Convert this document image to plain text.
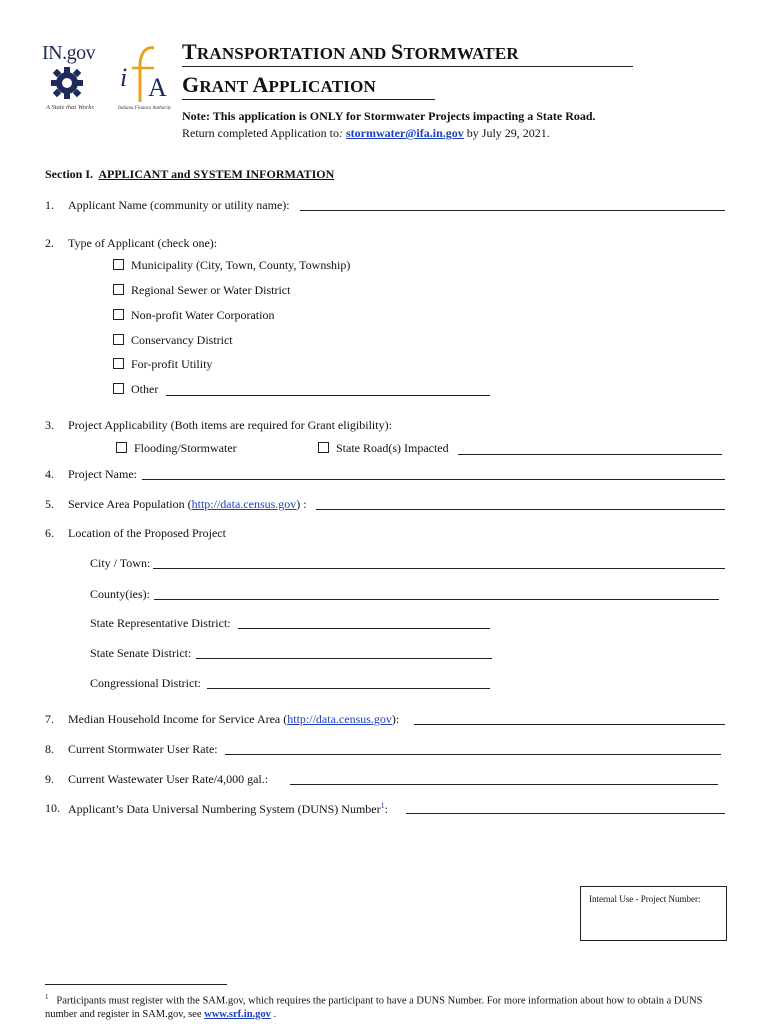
IN.gov
A State that Works
i A
Indiana Finance Authority
TRANSPORTATION AND STORMWATER
GRANT APPLICATION
Note: This application is ONLY for Stormwater Projects impacting a State Road.
Return completed Application to: stormwater@ifa.in.gov by July 29, 2021.
Section I. APPLICANT and SYSTEM INFORMATION
1. Applicant Name (community or utility name):
2. Type of Applicant (check one):
Municipality (City, Town, County, Township)
Regional Sewer or Water District
Non-profit Water Corporation
Conservancy District
For-profit Utility
Other
3. Project Applicability (Both items are required for Grant eligibility):
Flooding/Stormwater	State Road(s) Impacted
4. Project Name:
5. Service Area Population (http://data.census.gov) :
6. Location of the Proposed Project
City / Town:
County(ies):
State Representative District:
State Senate District:
Congressional District:
7. Median Household Income for Service Area (http://data.census.gov):
8. Current Stormwater User Rate:
9. Current Wastewater User Rate/4,000 gal.:
10. Applicant’s Data Universal Numbering System (DUNS) Number$^1$:
Internal Use - Project Number:
$^1$ Participants must register with the SAM.gov, which requires the participant to have a DUNS Number. For more information about how to obtain a DUNS number and register in SAM.gov, see www.srf.in.gov .
